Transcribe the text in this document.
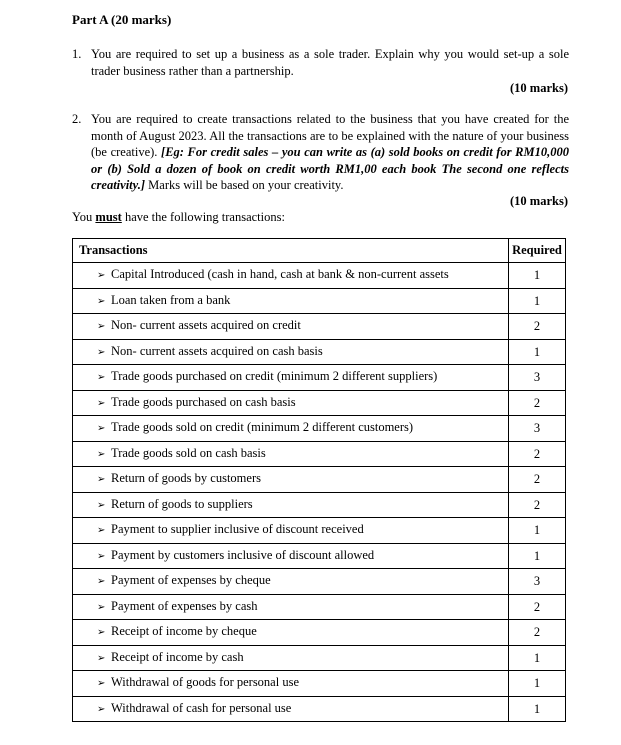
Part A (20 marks)
1. You are required to set up a business as a sole trader. Explain why you would set-up a sole trader business rather than a partnership.
(10 marks)
2. You are required to create transactions related to the business that you have created for the month of August 2023. All the transactions are to be explained with the nature of your business (be creative). [Eg: For credit sales – you can write as (a) sold books on credit for RM10,000 or (b) Sold a dozen of book on credit worth RM1,00 each book The second one reflects creativity.] Marks will be based on your creativity.
(10 marks)
You must have the following transactions:
Transactions	Required
➢ Capital Introduced (cash in hand, cash at bank & non-current assets	1
➢ Loan taken from a bank	1
➢ Non- current assets acquired on credit	2
➢ Non- current assets acquired on cash basis	1
➢ Trade goods purchased on credit (minimum 2 different suppliers)	3
➢ Trade goods purchased on cash basis	2
➢ Trade goods sold on credit (minimum 2 different customers)	3
➢ Trade goods sold on cash basis	2
➢ Return of goods by customers	2
➢ Return of goods to suppliers	2
➢ Payment to supplier inclusive of discount received	1
➢ Payment by customers inclusive of discount allowed	1
➢ Payment of expenses by cheque	3
➢ Payment of expenses by cash	2
➢ Receipt of income by cheque	2
➢ Receipt of income by cash	1
➢ Withdrawal of goods for personal use	1
➢ Withdrawal of cash for personal use	1
